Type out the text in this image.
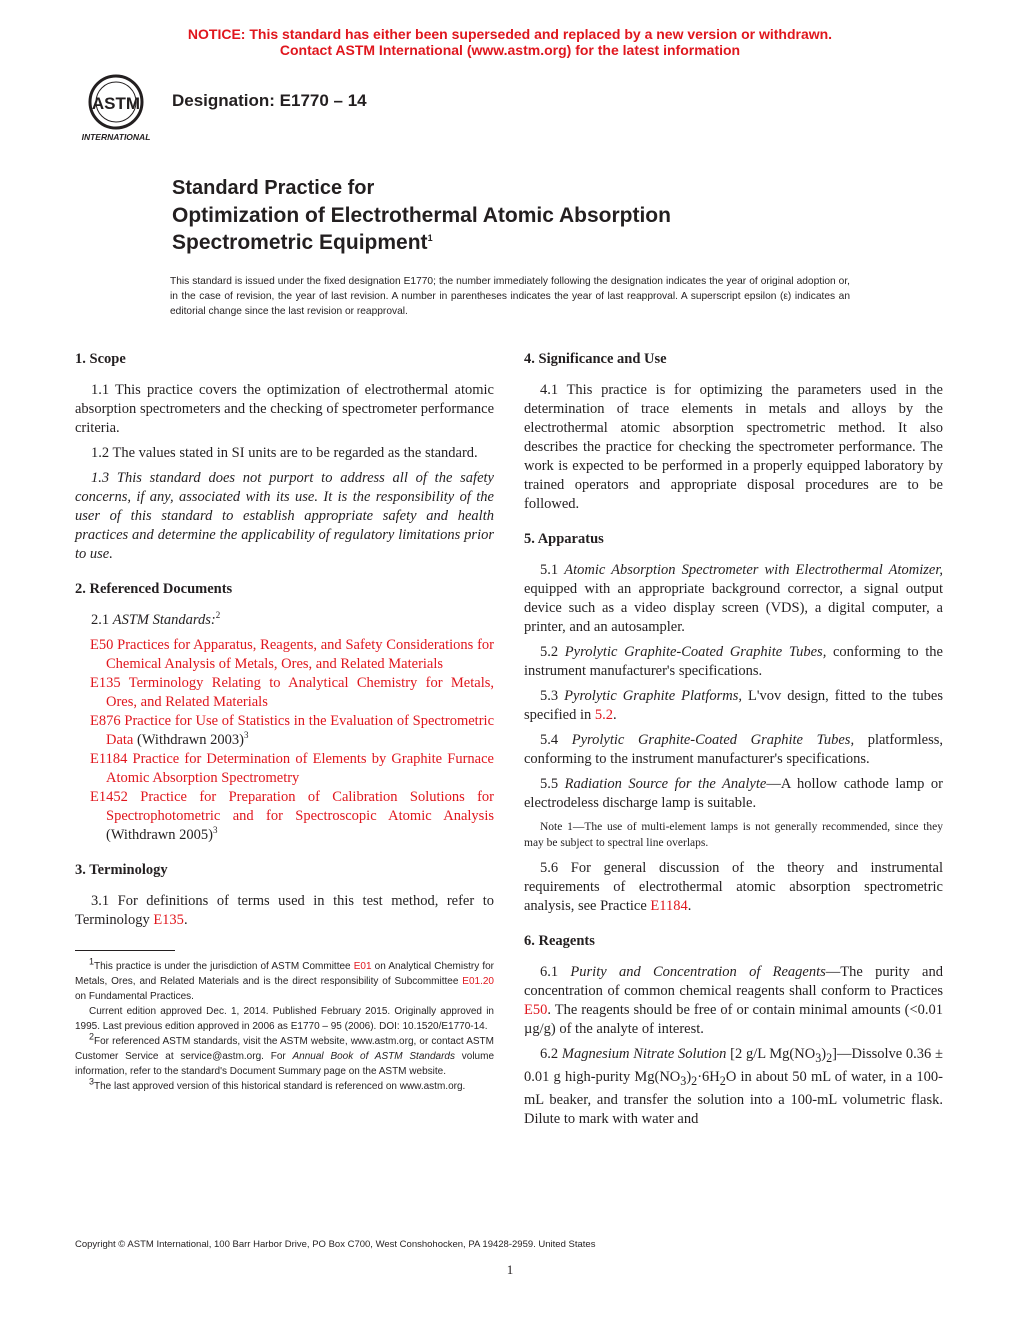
NOTICE: This standard has either been superseded and replaced by a new version or withdrawn.
Contact ASTM International (www.astm.org) for the latest information
ASTM
INTERNATIONAL
Designation: E1770 – 14
Standard Practice for
Optimization of Electrothermal Atomic Absorption
Spectrometric Equipment$^1$
This standard is issued under the fixed designation E1770; the number immediately following the designation indicates the year of original adoption or, in the case of revision, the year of last revision. A number in parentheses indicates the year of last reapproval. A superscript epsilon (ε) indicates an editorial change since the last revision or reapproval.
1. Scope

1.1 This practice covers the optimization of electrothermal atomic absorption spectrometers and the checking of spectrometer performance criteria.

1.2 The values stated in SI units are to be regarded as the standard.

1.3 This standard does not purport to address all of the safety concerns, if any, associated with its use. It is the responsibility of the user of this standard to establish appropriate safety and health practices and determine the applicability of regulatory limitations prior to use.

2. Referenced Documents

2.1 ASTM Standards:$^2$

E50 Practices for Apparatus, Reagents, and Safety Considerations for Chemical Analysis of Metals, Ores, and Related Materials

E135 Terminology Relating to Analytical Chemistry for Metals, Ores, and Related Materials

E876 Practice for Use of Statistics in the Evaluation of Spectrometric Data (Withdrawn 2003)$^3$

E1184 Practice for Determination of Elements by Graphite Furnace Atomic Absorption Spectrometry

E1452 Practice for Preparation of Calibration Solutions for Spectrophotometric and for Spectroscopic Atomic Analysis (Withdrawn 2005)$^3$

3. Terminology

3.1 For definitions of terms used in this test method, refer to Terminology E135.

$^1$This practice is under the jurisdiction of ASTM Committee E01 on Analytical Chemistry for Metals, Ores, and Related Materials and is the direct responsibility of Subcommittee E01.20 on Fundamental Practices.

Current edition approved Dec. 1, 2014. Published February 2015. Originally approved in 1995. Last previous edition approved in 2006 as E1770 – 95 (2006). DOI: 10.1520/E1770-14.

$^2$For referenced ASTM standards, visit the ASTM website, www.astm.org, or contact ASTM Customer Service at service@astm.org. For Annual Book of ASTM Standards volume information, refer to the standard's Document Summary page on the ASTM website.

$^3$The last approved version of this historical standard is referenced on www.astm.org.

4. Significance and Use

4.1 This practice is for optimizing the parameters used in the determination of trace elements in metals and alloys by the electrothermal atomic absorption spectrometric method. It also describes the practice for checking the spectrometer performance. The work is expected to be performed in a properly equipped laboratory by trained operators and appropriate disposal procedures are to be followed.

5. Apparatus

5.1 Atomic Absorption Spectrometer with Electrothermal Atomizer, equipped with an appropriate background corrector, a signal output device such as a video display screen (VDS), a digital computer, a printer, and an autosampler.

5.2 Pyrolytic Graphite-Coated Graphite Tubes, conforming to the instrument manufacturer's specifications.

5.3 Pyrolytic Graphite Platforms, L'vov design, fitted to the tubes specified in 5.2.

5.4 Pyrolytic Graphite-Coated Graphite Tubes, platformless, conforming to the instrument manufacturer's specifications.

5.5 Radiation Source for the Analyte—A hollow cathode lamp or electrodeless discharge lamp is suitable.

Note 1—The use of multi-element lamps is not generally recommended, since they may be subject to spectral line overlaps.

5.6 For general discussion of the theory and instrumental requirements of electrothermal atomic absorption spectrometric analysis, see Practice E1184.

6. Reagents

6.1 Purity and Concentration of Reagents—The purity and concentration of common chemical reagents shall conform to Practices E50. The reagents should be free of or contain minimal amounts (<0.01 µg/g) of the analyte of interest.

6.2 Magnesium Nitrate Solution [2 g/L $Mg(NO_3)_2]—Dissolve$ 0.36 ± 0.01 g high-purity $Mg(NO_3)_2\cdot 6H_2O$ in about 50 mL of water, in a 100-mL beaker, and transfer the solution into a 100-mL volumetric flask. Dilute to mark with water and

Copyright © ASTM International, 100 Barr Harbor Drive, PO Box C700, West Conshohocken, PA 19428-2959. United States
1
